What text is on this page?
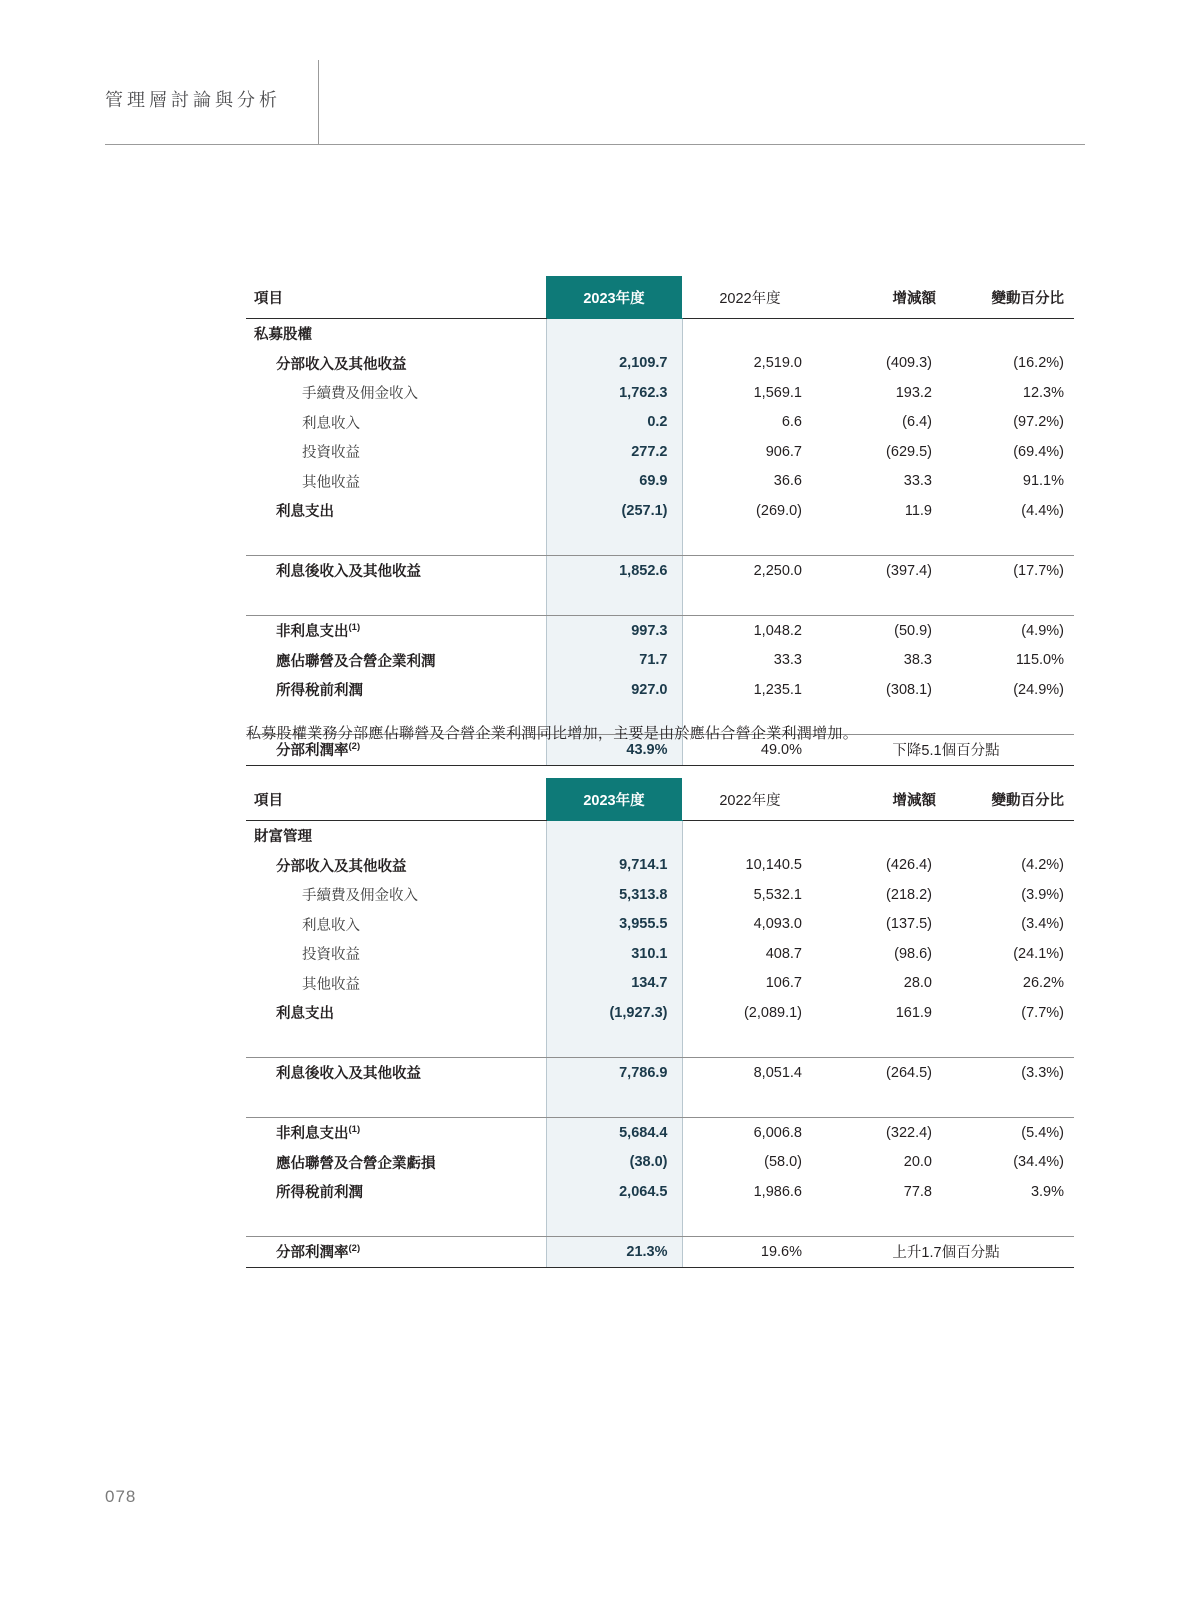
管理層討論與分析
項目	2023年度	2022年度	增減額	變動百分比
私募股權				
分部收入及其他收益	2,109.7	2,519.0	(409.3)	(16.2%)
手續費及佣金收入	1,762.3	1,569.1	193.2	12.3%
利息收入	0.2	6.6	(6.4)	(97.2%)
投資收益	277.2	906.7	(629.5)	(69.4%)
其他收益	69.9	36.6	33.3	91.1%
利息支出	(257.1)	(269.0)	11.9	(4.4%)

利息後收入及其他收益	1,852.6	2,250.0	(397.4)	(17.7%)

非利息支出$^{(1)}$	997.3	1,048.2	(50.9)	(4.9%)
應佔聯營及合營企業利潤	71.7	33.3	38.3	115.0%
所得稅前利潤	927.0	1,235.1	(308.1)	(24.9%)

分部利潤率$^{(2)}$	43.9%	49.0%	下降5.1個百分點	
私募股權業務分部應佔聯營及合營企業利潤同比增加，主要是由於應佔合營企業利潤增加。
項目	2023年度	2022年度	增減額	變動百分比
財富管理				
分部收入及其他收益	9,714.1	10,140.5	(426.4)	(4.2%)
手續費及佣金收入	5,313.8	5,532.1	(218.2)	(3.9%)
利息收入	3,955.5	4,093.0	(137.5)	(3.4%)
投資收益	310.1	408.7	(98.6)	(24.1%)
其他收益	134.7	106.7	28.0	26.2%
利息支出	(1,927.3)	(2,089.1)	161.9	(7.7%)

利息後收入及其他收益	7,786.9	8,051.4	(264.5)	(3.3%)

非利息支出$^{(1)}$	5,684.4	6,006.8	(322.4)	(5.4%)
應佔聯營及合營企業虧損	(38.0)	(58.0)	20.0	(34.4%)
所得稅前利潤	2,064.5	1,986.6	77.8	3.9%

分部利潤率$^{(2)}$	21.3%	19.6%	上升1.7個百分點	
078
